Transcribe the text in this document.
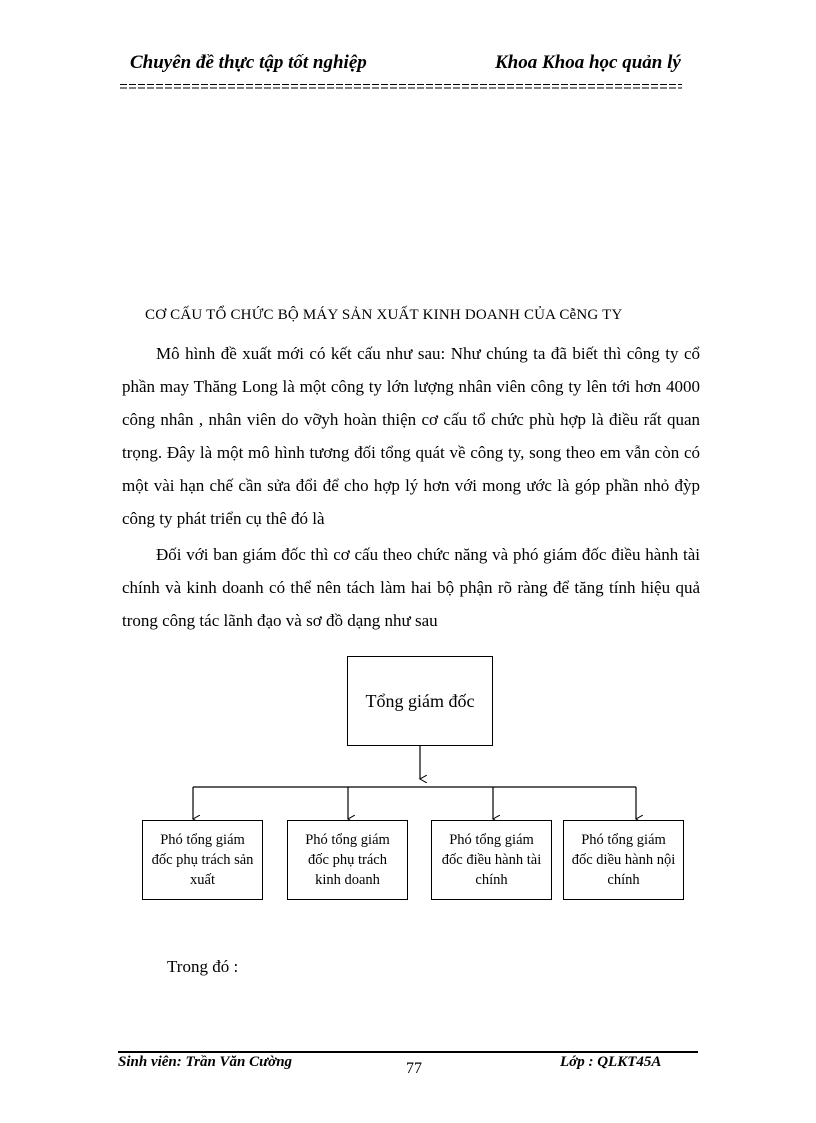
Chuyên đề thực tập tốt nghiệp	Khoa Khoa học quản lý
CƠ CẤU TỔ CHỨC BỘ MÁY SẢN XUẤT KINH DOANH CỦA CễNG TY

Mô hình đề xuất mới có kết cấu như sau: Như chúng ta đã biết thì công ty cổ phần may Thăng Long là một công ty lớn lượng nhân viên công ty lên tới hơn 4000 công nhân , nhân viên do vỡyh hoàn thiện cơ cấu tổ chức phù hợp là điều rất quan trọng. Đây là một mô hình tương đối tổng quát về công ty, song theo em vẫn còn có một vài hạn chế cần sửa đổi để cho hợp lý hơn với mong ước là góp phần nhỏ đỳp công ty phát triển cụ thê đó là

Đối với ban giám đốc thì cơ cấu theo chức năng và phó giám đốc điều hành tài chính và kinh doanh có thể nên tách làm hai bộ phận rõ ràng để tăng tính hiệu quả trong công tác lãnh đạo và sơ đồ dạng như sau

Tổng giám đốc
Phó tổng giám đốc phụ trách sản xuất
Phó tổng giám đốc phụ trách kinh doanh
Phó tổng giám đốc điều hành tài chính
Phó tổng giám đốc diều hành nội chính
Trong đó :
Sinh viên: Trần Văn Cường	77	Lớp : QLKT45A
